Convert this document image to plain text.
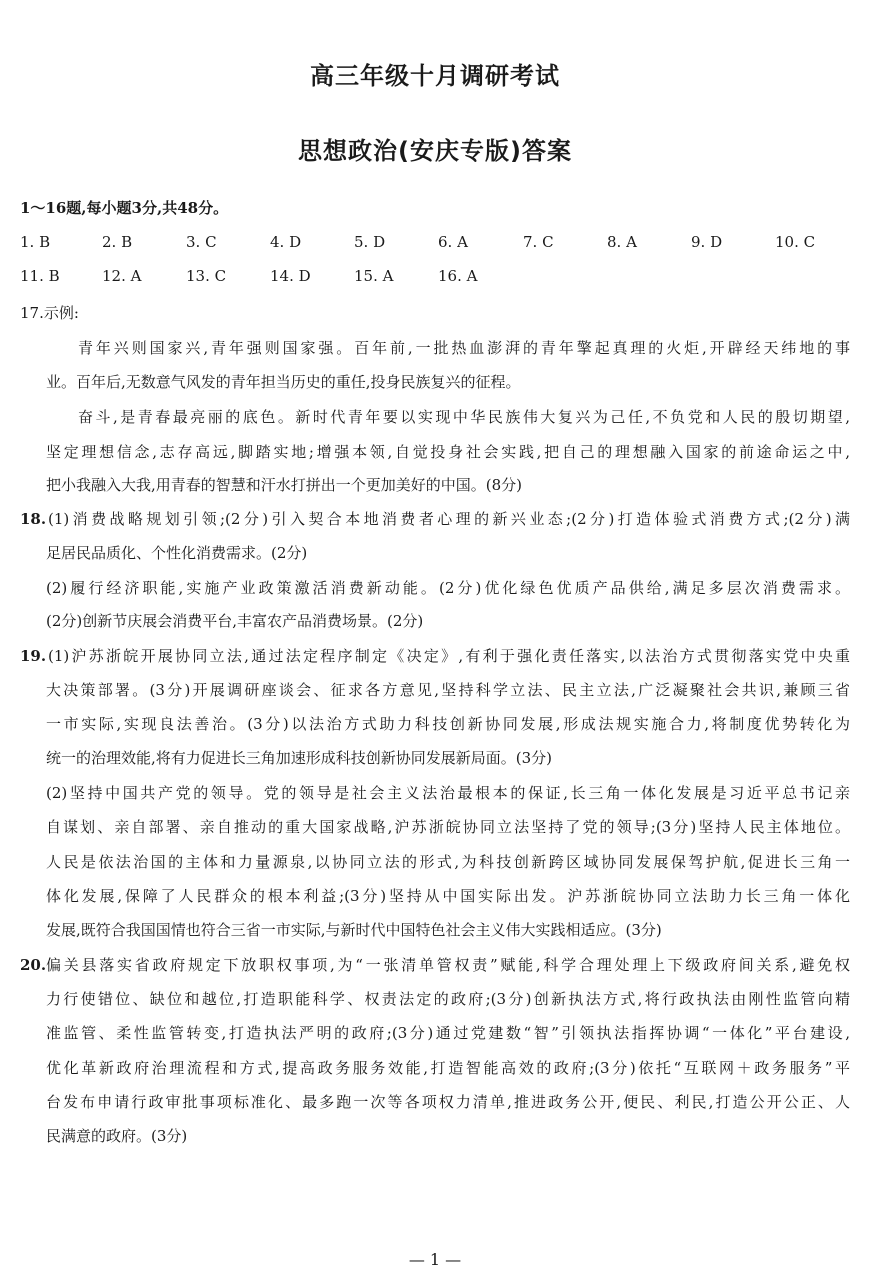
高三年级十月调研考试
思想政治(安庆专版)答案
1～16题,每小题3分,共48分。
1. B	2. B	3. C	4. D	5. D	6. A	7. C	8. A	9. D	10. C
11. B	12. A	13. C	14. D	15. A	16. A
17.示例:
青年兴则国家兴,青年强则国家强。百年前,一批热血澎湃的青年擎起真理的火炬,开辟经天纬地的事
业。百年后,无数意气风发的青年担当历史的重任,投身民族复兴的征程。
奋斗,是青春最亮丽的底色。新时代青年要以实现中华民族伟大复兴为己任,不负党和人民的殷切期望,
坚定理想信念,志存高远,脚踏实地;增强本领,自觉投身社会实践,把自己的理想融入国家的前途命运之中,
把小我融入大我,用青春的智慧和汗水打拼出一个更加美好的中国。(8分)
18. (1)消费战略规划引领;(2分)引入契合本地消费者心理的新兴业态;(2分)打造体验式消费方式;(2分)满
足居民品质化、个性化消费需求。(2分)
(2)履行经济职能,实施产业政策激活消费新动能。(2分)优化绿色优质产品供给,满足多层次消费需求。
(2分)创新节庆展会消费平台,丰富农产品消费场景。(2分)
19. (1)沪苏浙皖开展协同立法,通过法定程序制定《决定》,有利于强化责任落实,以法治方式贯彻落实党中央重
大决策部署。(3分)开展调研座谈会、征求各方意见,坚持科学立法、民主立法,广泛凝聚社会共识,兼顾三省
一市实际,实现良法善治。(3分)以法治方式助力科技创新协同发展,形成法规实施合力,将制度优势转化为
统一的治理效能,将有力促进长三角加速形成科技创新协同发展新局面。(3分)
(2)坚持中国共产党的领导。党的领导是社会主义法治最根本的保证,长三角一体化发展是习近平总书记亲
自谋划、亲自部署、亲自推动的重大国家战略,沪苏浙皖协同立法坚持了党的领导;(3分)坚持人民主体地位。
人民是依法治国的主体和力量源泉,以协同立法的形式,为科技创新跨区域协同发展保驾护航,促进长三角一
体化发展,保障了人民群众的根本利益;(3分)坚持从中国实际出发。沪苏浙皖协同立法助力长三角一体化
发展,既符合我国国情也符合三省一市实际,与新时代中国特色社会主义伟大实践相适应。(3分)
20. 偏关县落实省政府规定下放职权事项,为“一张清单管权责”赋能,科学合理处理上下级政府间关系,避免权
力行使错位、缺位和越位,打造职能科学、权责法定的政府;(3分)创新执法方式,将行政执法由刚性监管向精
准监管、柔性监管转变,打造执法严明的政府;(3分)通过党建数“智”引领执法指挥协调“一体化”平台建设,
优化革新政府治理流程和方式,提高政务服务效能,打造智能高效的政府;(3分)依托“互联网＋政务服务”平
台发布申请行政审批事项标准化、最多跑一次等各项权力清单,推进政务公开,便民、利民,打造公开公正、人
民满意的政府。(3分)
— 1 —
